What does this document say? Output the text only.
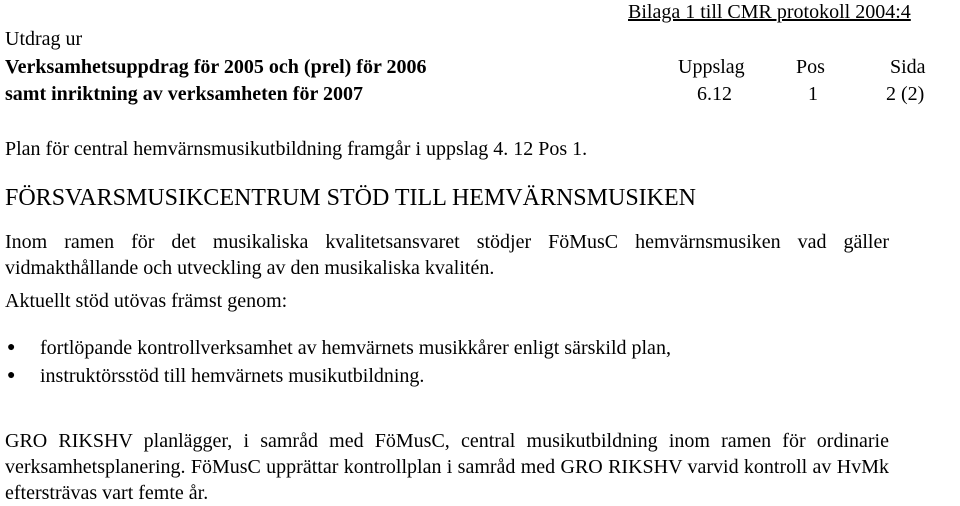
Bilaga 1 till CMR protokoll 2004:4
Utdrag ur
Verksamhetsuppdrag för 2005 och (prel) för 2006
samt inriktning av verksamheten för 2007
Uppslag	Pos	Sida
6.12	1	2 (2)
Plan för central hemvärnsmusikutbildning framgår i uppslag 4. 12 Pos 1.
FÖRSVARSMUSIKCENTRUM STÖD TILL HEMVÄRNSMUSIKEN
Inom ramen för det musikaliska kvalitetsansvaret stödjer FöMusC hemvärnsmusiken vad gäller vidmakthållande och utveckling av den musikaliska kvalitén.
Aktuellt stöd utövas främst genom:
● fortlöpande kontrollverksamhet av hemvärnets musikkårer enligt särskild plan,
● instruktörsstöd till hemvärnets musikutbildning.
GRO RIKSHV planlägger, i samråd med FöMusC, central musikutbildning inom ramen för ordinarie verksamhetsplanering. FöMusC upprättar kontrollplan i samråd med GRO RIKSHV varvid kontroll av HvMk eftersträvas vart femte år.
